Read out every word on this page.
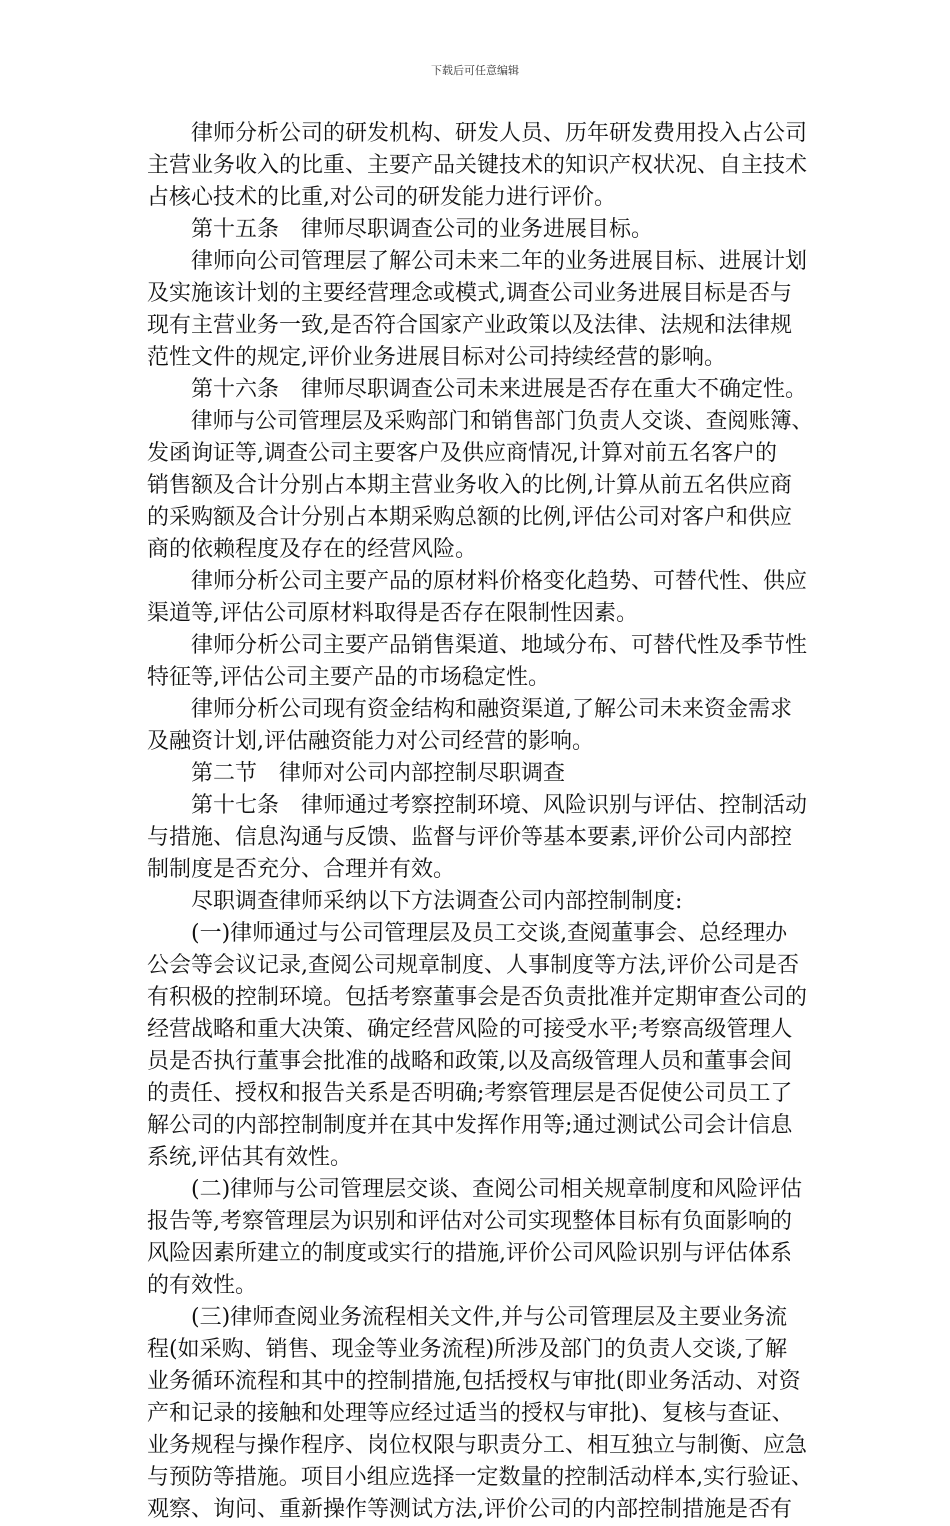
下载后可任意编辑
律师分析公司的研发机构、研发人员、历年研发费用投入占公司
主营业务收入的比重、主要产品关键技术的知识产权状况、自主技术
占核心技术的比重,对公司的研发能力进行评价。
第十五条　律师尽职调查公司的业务进展目标。
律师向公司管理层了解公司未来二年的业务进展目标、进展计划
及实施该计划的主要经营理念或模式,调查公司业务进展目标是否与
现有主营业务一致,是否符合国家产业政策以及法律、法规和法律规
范性文件的规定,评价业务进展目标对公司持续经营的影响。
第十六条　律师尽职调查公司未来进展是否存在重大不确定性。
律师与公司管理层及采购部门和销售部门负责人交谈、查阅账簿、
发函询证等,调查公司主要客户及供应商情况,计算对前五名客户的
销售额及合计分别占本期主营业务收入的比例,计算从前五名供应商
的采购额及合计分别占本期采购总额的比例,评估公司对客户和供应
商的依赖程度及存在的经营风险。
律师分析公司主要产品的原材料价格变化趋势、可替代性、供应
渠道等,评估公司原材料取得是否存在限制性因素。
律师分析公司主要产品销售渠道、地域分布、可替代性及季节性
特征等,评估公司主要产品的市场稳定性。
律师分析公司现有资金结构和融资渠道,了解公司未来资金需求
及融资计划,评估融资能力对公司经营的影响。
第二节　律师对公司内部控制尽职调查
第十七条　律师通过考察控制环境、风险识别与评估、控制活动
与措施、信息沟通与反馈、监督与评价等基本要素,评价公司内部控
制制度是否充分、合理并有效。
尽职调查律师采纳以下方法调查公司内部控制制度:
(一)律师通过与公司管理层及员工交谈,查阅董事会、总经理办
公会等会议记录,查阅公司规章制度、人事制度等方法,评价公司是否
有积极的控制环境。包括考察董事会是否负责批准并定期审查公司的
经营战略和重大决策、确定经营风险的可接受水平;考察高级管理人
员是否执行董事会批准的战略和政策,以及高级管理人员和董事会间
的责任、授权和报告关系是否明确;考察管理层是否促使公司员工了
解公司的内部控制制度并在其中发挥作用等;通过测试公司会计信息
系统,评估其有效性。
(二)律师与公司管理层交谈、查阅公司相关规章制度和风险评估
报告等,考察管理层为识别和评估对公司实现整体目标有负面影响的
风险因素所建立的制度或实行的措施,评价公司风险识别与评估体系
的有效性。
(三)律师查阅业务流程相关文件,并与公司管理层及主要业务流
程(如采购、销售、现金等业务流程)所涉及部门的负责人交谈,了解
业务循环流程和其中的控制措施,包括授权与审批(即业务活动、对资
产和记录的接触和处理等应经过适当的授权与审批)、复核与查证、
业务规程与操作程序、岗位权限与职责分工、相互独立与制衡、应急
与预防等措施。项目小组应选择一定数量的控制活动样本,实行验证、
观察、询问、重新操作等测试方法,评价公司的内部控制措施是否有
